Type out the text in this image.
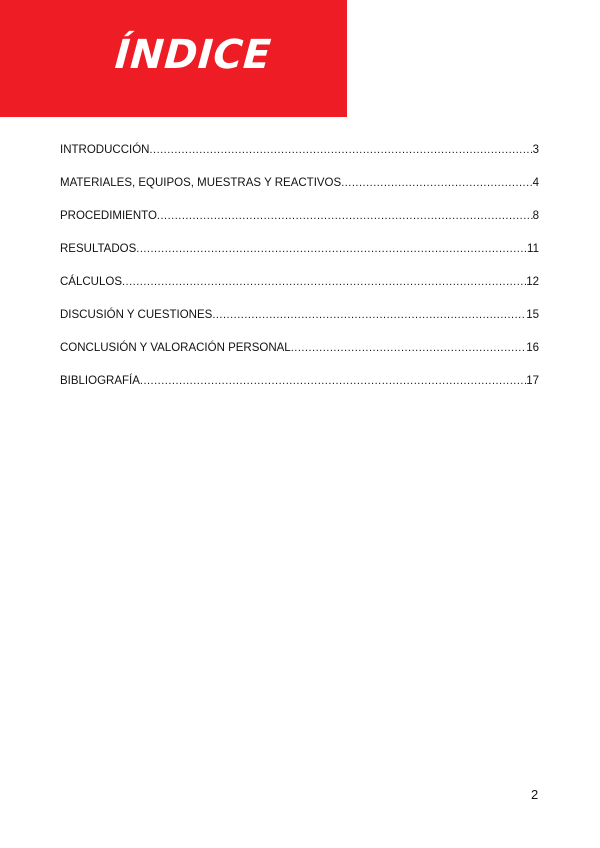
ÍNDICE
INTRODUCCIÓN .....	3
MATERIALES, EQUIPOS, MUESTRAS Y REACTIVOS .....	4
PROCEDIMIENTO .....	8
RESULTADOS .....	11
CÁLCULOS .....	12
DISCUSIÓN Y CUESTIONES .....	15
CONCLUSIÓN Y VALORACIÓN PERSONAL .....	16
BIBLIOGRAFÍA .....	17
2
